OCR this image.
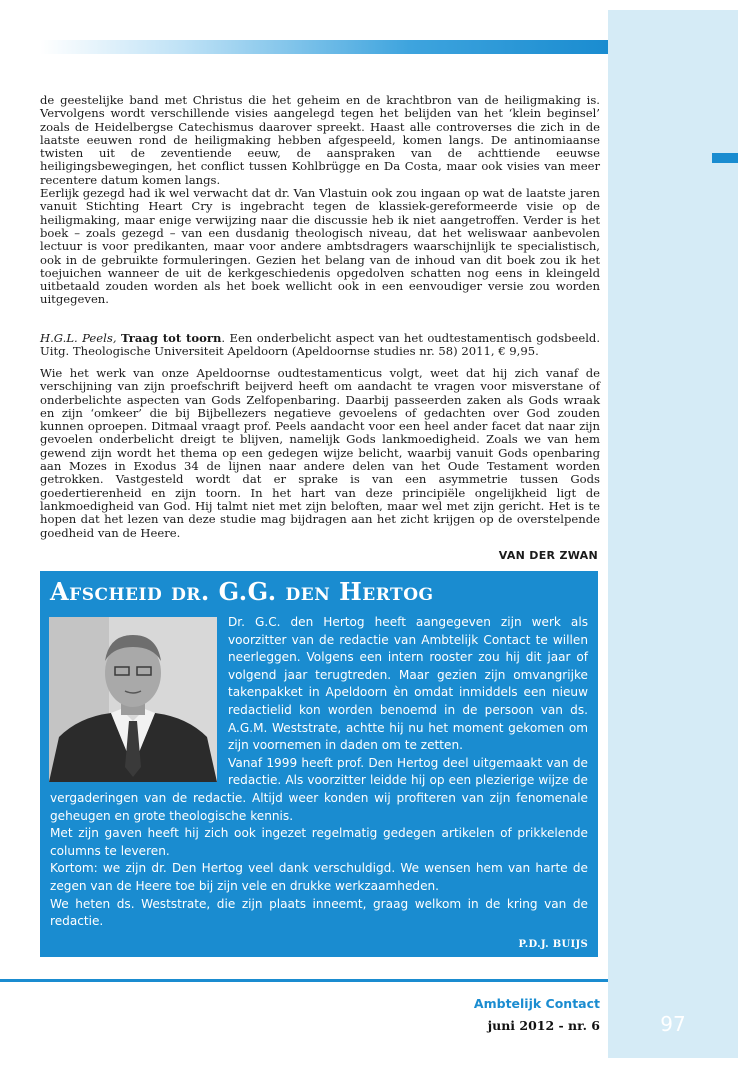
de geestelijke band met Christus die het geheim en de krachtbron van de heiligmaking is. Vervolgens wordt verschillende visies aangelegd tegen het belijden van het ‘klein beginsel’ zoals de Heidelbergse Catechismus daarover spreekt. Haast alle controverses die zich in de laatste eeuwen rond de heiligmaking hebben afgespeeld, komen langs. De antinomiaanse twisten uit de zeventiende eeuw, de aanspraken van de achttiende eeuwse heiligingsbewegingen, het conflict tussen Kohlbrügge en Da Costa, maar ook visies van meer recentere datum komen langs.

Eerlijk gezegd had ik wel verwacht dat dr. Van Vlastuin ook zou ingaan op wat de laatste jaren vanuit Stichting Heart Cry is ingebracht tegen de klassiek-gereformeerde visie op de heiligmaking, maar enige verwijzing naar die discussie heb ik niet aangetroffen. Verder is het boek – zoals gezegd – van een dusdanig theologisch niveau, dat het weliswaar aanbevolen lectuur is voor predikanten, maar voor andere ambtsdragers waarschijnlijk te specialistisch, ook in de gebruikte formuleringen. Gezien het belang van de inhoud van dit boek zou ik het toejuichen wanneer de uit de kerkgeschiedenis opgedolven schatten nog eens in kleingeld uitbetaald zouden worden als het boek wellicht ook in een eenvoudiger versie zou worden uitgegeven.

H.G.L. Peels, Traag tot toorn. Een onderbelicht aspect van het oudtestamentisch godsbeeld. Uitg. Theologische Universiteit Apeldoorn (Apeldoornse studies nr. 58) 2011, € 9,95.

Wie het werk van onze Apeldoornse oudtestamenticus volgt, weet dat hij zich vanaf de verschijning van zijn proefschrift beijverd heeft om aandacht te vragen voor misverstane of onderbelichte aspecten van Gods Zelfopenbaring. Daarbij passeerden zaken als Gods wraak en zijn ‘omkeer’ die bij Bijbellezers negatieve gevoelens of gedachten over God zouden kunnen oproepen. Ditmaal vraagt prof. Peels aandacht voor een heel ander facet dat naar zijn gevoelen onderbelicht dreigt te blijven, namelijk Gods lankmoedigheid. Zoals we van hem gewend zijn wordt het thema op een gedegen wijze belicht, waarbij vanuit Gods openbaring aan Mozes in Exodus 34 de lijnen naar andere delen van het Oude Testament worden getrokken. Vastgesteld wordt dat er sprake is van een asymmetrie tussen Gods goedertierenheid en zijn toorn. In het hart van deze principiële ongelijkheid ligt de lankmoedigheid van God. Hij talmt niet met zijn beloften, maar wel met zijn gericht. Het is te hopen dat het lezen van deze studie mag bijdragen aan het zicht krijgen op de overstelpende goedheid van de Heere.

VAN DER ZWAN
Afscheid dr. G.G. den Hertog

Dr. G.C. den Hertog heeft aangegeven zijn werk als voorzitter van de redactie van Ambtelijk Contact te willen neerleggen. Volgens een intern rooster zou hij dit jaar of volgend jaar terugtreden. Maar gezien zijn omvangrijke takenpakket in Apeldoorn èn omdat inmiddels een nieuw redactielid kon worden benoemd in de persoon van ds. A.G.M. Weststrate, achtte hij nu het moment gekomen om zijn voornemen in daden om te zetten.

Vanaf 1999 heeft prof. Den Hertog deel uitgemaakt van de redactie. Als voorzitter leidde hij op een plezierige wijze de vergaderingen van de redactie. Altijd weer konden wij profiteren van zijn fenomenale geheugen en grote theologische kennis.

Met zijn gaven heeft hij zich ook ingezet regelmatig gedegen artikelen of prikkelende columns te leveren.

Kortom: we zijn dr. Den Hertog veel dank verschuldigd. We wensen hem van harte de zegen van de Heere toe bij zijn vele en drukke werkzaamheden.

We heten ds. Weststrate, die zijn plaats inneemt, graag welkom in de kring van de redactie.

P.D.J. BUIJS
Ambtelijk Contact
juni 2012 - nr. 6	97
